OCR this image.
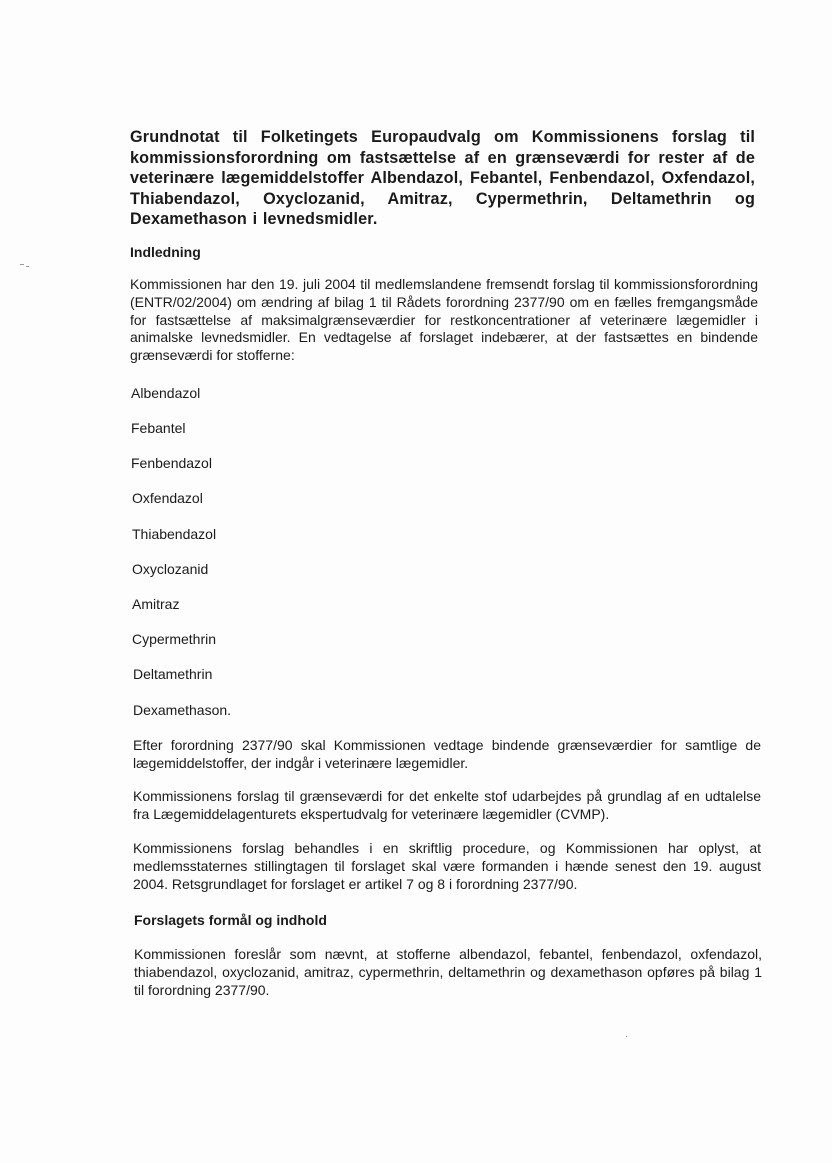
Grundnotat til Folketingets Europaudvalg om Kommissionens forslag til kommissionsforordning om fastsættelse af en grænseværdi for rester af de veterinære lægemiddelstoffer Albendazol, Febantel, Fenbendazol, Oxfendazol, Thiabendazol, Oxyclozanid, Amitraz, Cypermethrin, Deltamethrin og Dexamethason i levnedsmidler.

Indledning

Kommissionen har den 19. juli 2004 til medlemslandene fremsendt forslag til kommissionsforordning (ENTR/02/2004) om ændring af bilag 1 til Rådets forordning 2377/90 om en fælles fremgangsmåde for fastsættelse af maksimalgrænseværdier for restkoncentrationer af veterinære lægemidler i animalske levnedsmidler. En vedtagelse af forslaget indebærer, at der fastsættes en bindende grænseværdi for stofferne:

Albendazol

Febantel

Fenbendazol

Oxfendazol

Thiabendazol

Oxyclozanid

Amitraz

Cypermethrin

Deltamethrin

Dexamethason.

Efter forordning 2377/90 skal Kommissionen vedtage bindende grænseværdier for samtlige de lægemiddelstoffer, der indgår i veterinære lægemidler.

Kommissionens forslag til grænseværdi for det enkelte stof udarbejdes på grundlag af en udtalelse fra Lægemiddelagenturets ekspertudvalg for veterinære lægemidler (CVMP).

Kommissionens forslag behandles i en skriftlig procedure, og Kommissionen har oplyst, at medlemsstaternes stillingtagen til forslaget skal være formanden i hænde senest den 19. august 2004. Retsgrundlaget for forslaget er artikel 7 og 8 i forordning 2377/90.

Forslagets formål og indhold

Kommissionen foreslår som nævnt, at stofferne albendazol, febantel, fenbendazol, oxfendazol, thiabendazol, oxyclozanid, amitraz, cypermethrin, deltamethrin og dexamethason opføres på bilag 1 til forordning 2377/90.
